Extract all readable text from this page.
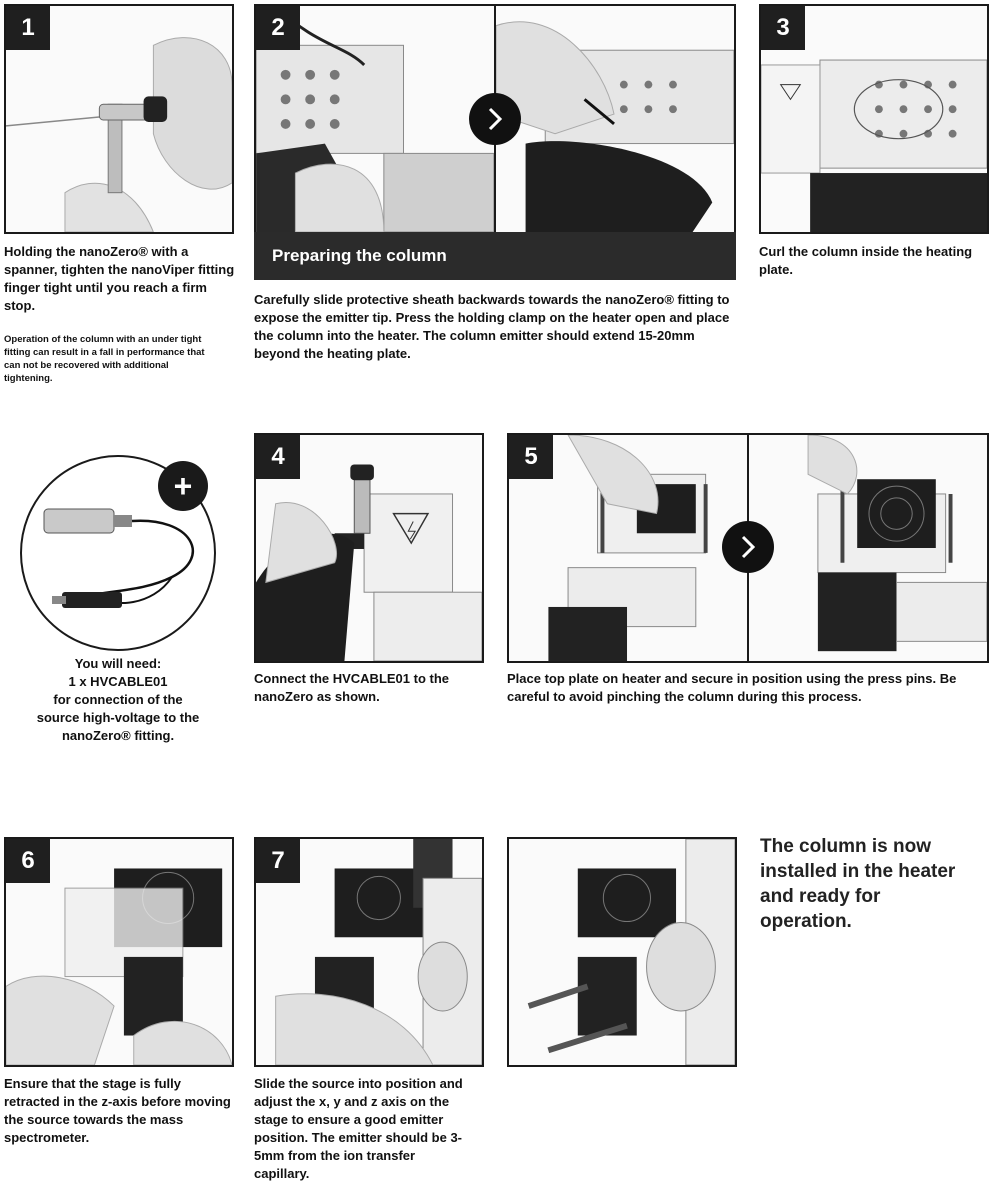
1
Holding the nanoZero® with a spanner, tighten the nanoViper fitting finger tight until you reach a firm stop.
Operation of the column with an under tight fitting can result in a fall in performance that can not be recovered with additional tightening.
2
Preparing the column
Carefully slide protective sheath backwards towards the nanoZero® fitting to expose the emitter tip. Press the holding clamp on the heater open and place the column into the heater. The column emitter should extend 15-20mm beyond the heating plate.
3
Curl the column inside the heating plate.
+
You will need:
1 x HVCABLE01
for connection of the
source high-voltage to the
nanoZero® fitting.
4
Connect the HVCABLE01 to the nanoZero as shown.
5
Place top plate on heater and secure in position using the press pins. Be careful to avoid pinching the column during this process.
6
Ensure that the stage is fully retracted in the z-axis before moving the source towards the mass spectrometer.
7
Slide the source into position and adjust the x, y and z axis on the stage to ensure a good emitter position. The emitter should be 3-5mm from the ion transfer capillary.
The column is now
installed in the heater
and ready for
operation.
